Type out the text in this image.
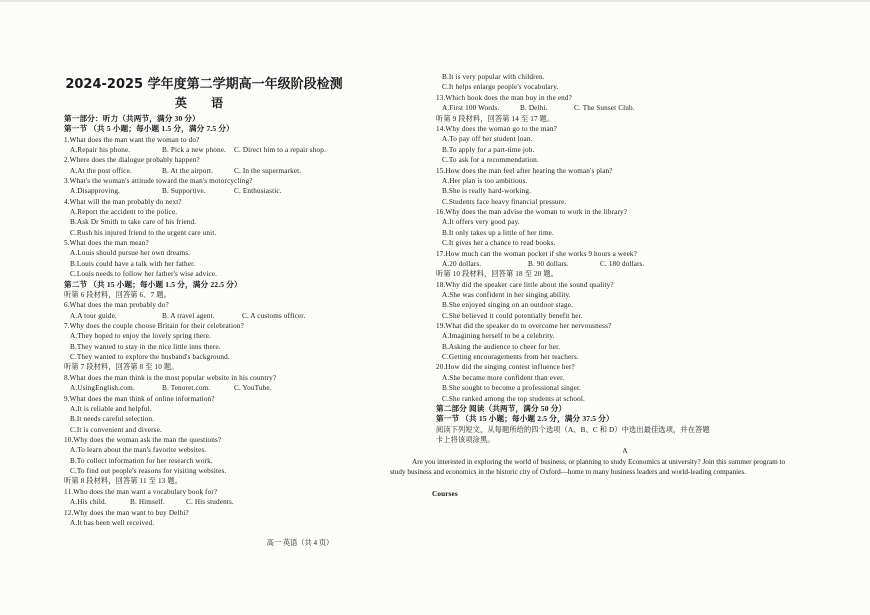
2024-2025 学年度第二学期高一年级阶段检测
英 语
第一部分：听力（共两节，满分 30 分）
第一节 （共 5 小题；每小题 1.5 分，满分 7.5 分）
1.What does the man want the woman to do?
A.Repair his phone.	B. Pick a new phone. C. Direct him to a repair shop.
2.Where does the dialogue probably happen?
A.At the post office.	B. At the airport.	C. In the supermarket.
3.What's the woman's attitude toward the man's motorcycling?
A.Disapproving.	B. Supportive.	C. Enthusiastic.
4.What will the man probably do next?
A.Report the accident to the police.
B.Ask Dr Smith to take care of his friend.
C.Rush his injured friend to the urgent care unit.
5.What does the man mean?
A.Louis should pursue her own dreams.
B.Louis could have a talk with her father.
C.Louis needs to follow her father's wise advice.
第二节 （共 15 小题；每小题 1.5 分，满分 22.5 分）
听第 6 段材料，回答第 6、7 题。
6.What does the man probably do?
A.A tour guide.	B. A travel agent.	C. A customs officer.
7.Why does the couple choose Britain for their celebration?
A.They hoped to enjoy the lovely spring there.
B.They wanted to stay in the nice little inns there.
C.They wanted to explore the husband's background.
听第 7 段材料，回答第 8 至 10 题。
8.What does the man think is the most popular website in his country?
A.UsingEnglish.com.	B. Tenoret.com.	C. YouTube.
9.What does the man think of online information?
A.It is reliable and helpful.
B.It needs careful selection.
C.It is convenient and diverse.
10.Why does the woman ask the man the questions?
A.To learn about the man's favorite websites.
B.To collect information for her research work.
C.To find out people's reasons for visiting websites.
听第 8 段材料，回答第 11 至 13 题。
11.Who does the man want a vocabulary book for?
A.His child.	B. Himself.	C. His students.
12.Why does the man want to buy Delhi?
A.It has been well received.
B.It is very popular with children.
C.It helps enlarge people's vocabulary.
13.Which book does the man buy in the end?
A.First 100 Words.	B. Delhi.	C. The Sunset Club.
听第 9 段材料，回答第 14 至 17 题。
14.Why does the woman go to the man?
A.To pay off her student loan.
B.To apply for a part-time job.
C.To ask for a recommendation.
15.How does the man feel after hearing the woman's plan?
A.Her plan is too ambitious.
B.She is really hard-working.
C.Students face heavy financial pressure.
16.Why does the man advise the woman to work in the library?
A.It offers very good pay.
B.It only takes up a little of her time.
C.It gives her a chance to read books.
17.How much can the woman pocket if she works 9 hours a week?
A.20 dollars.	B. 90 dollars.	C. 180 dollars.
听第 10 段材料，回答第 18 至 20 题。
18.Why did the speaker care little about the sound quality?
A.She was confident in her singing ability.
B.She enjoyed singing on an outdoor stage.
C.She believed it could potentially benefit her.
19.What did the speaker do to overcome her nervousness?
A.Imagining herself to be a celebrity.
B.Asking the audience to cheer for her.
C.Getting encouragements from her teachers.
20.How did the singing contest influence her?
A.She became more confident than ever.
B.She sought to become a professional singer.
C.She ranked among the top students at school.
第二部分 阅读（共两节，满分 50 分）
第一节 （共 15 小题；每小题 2.5 分，满分 37.5 分）
阅读下列短文，从每题所给的四个选项（A、B、C 和 D）中选出最佳选项，并在答题
卡上将该项涂黑。
A
Are you interested in exploring the world of business, or planning to study Economics at university? Join this summer program to study business and economics in the historic city of Oxford—home to many business leaders and world-leading companies.
Courses
高一 英语（共 4 页）
